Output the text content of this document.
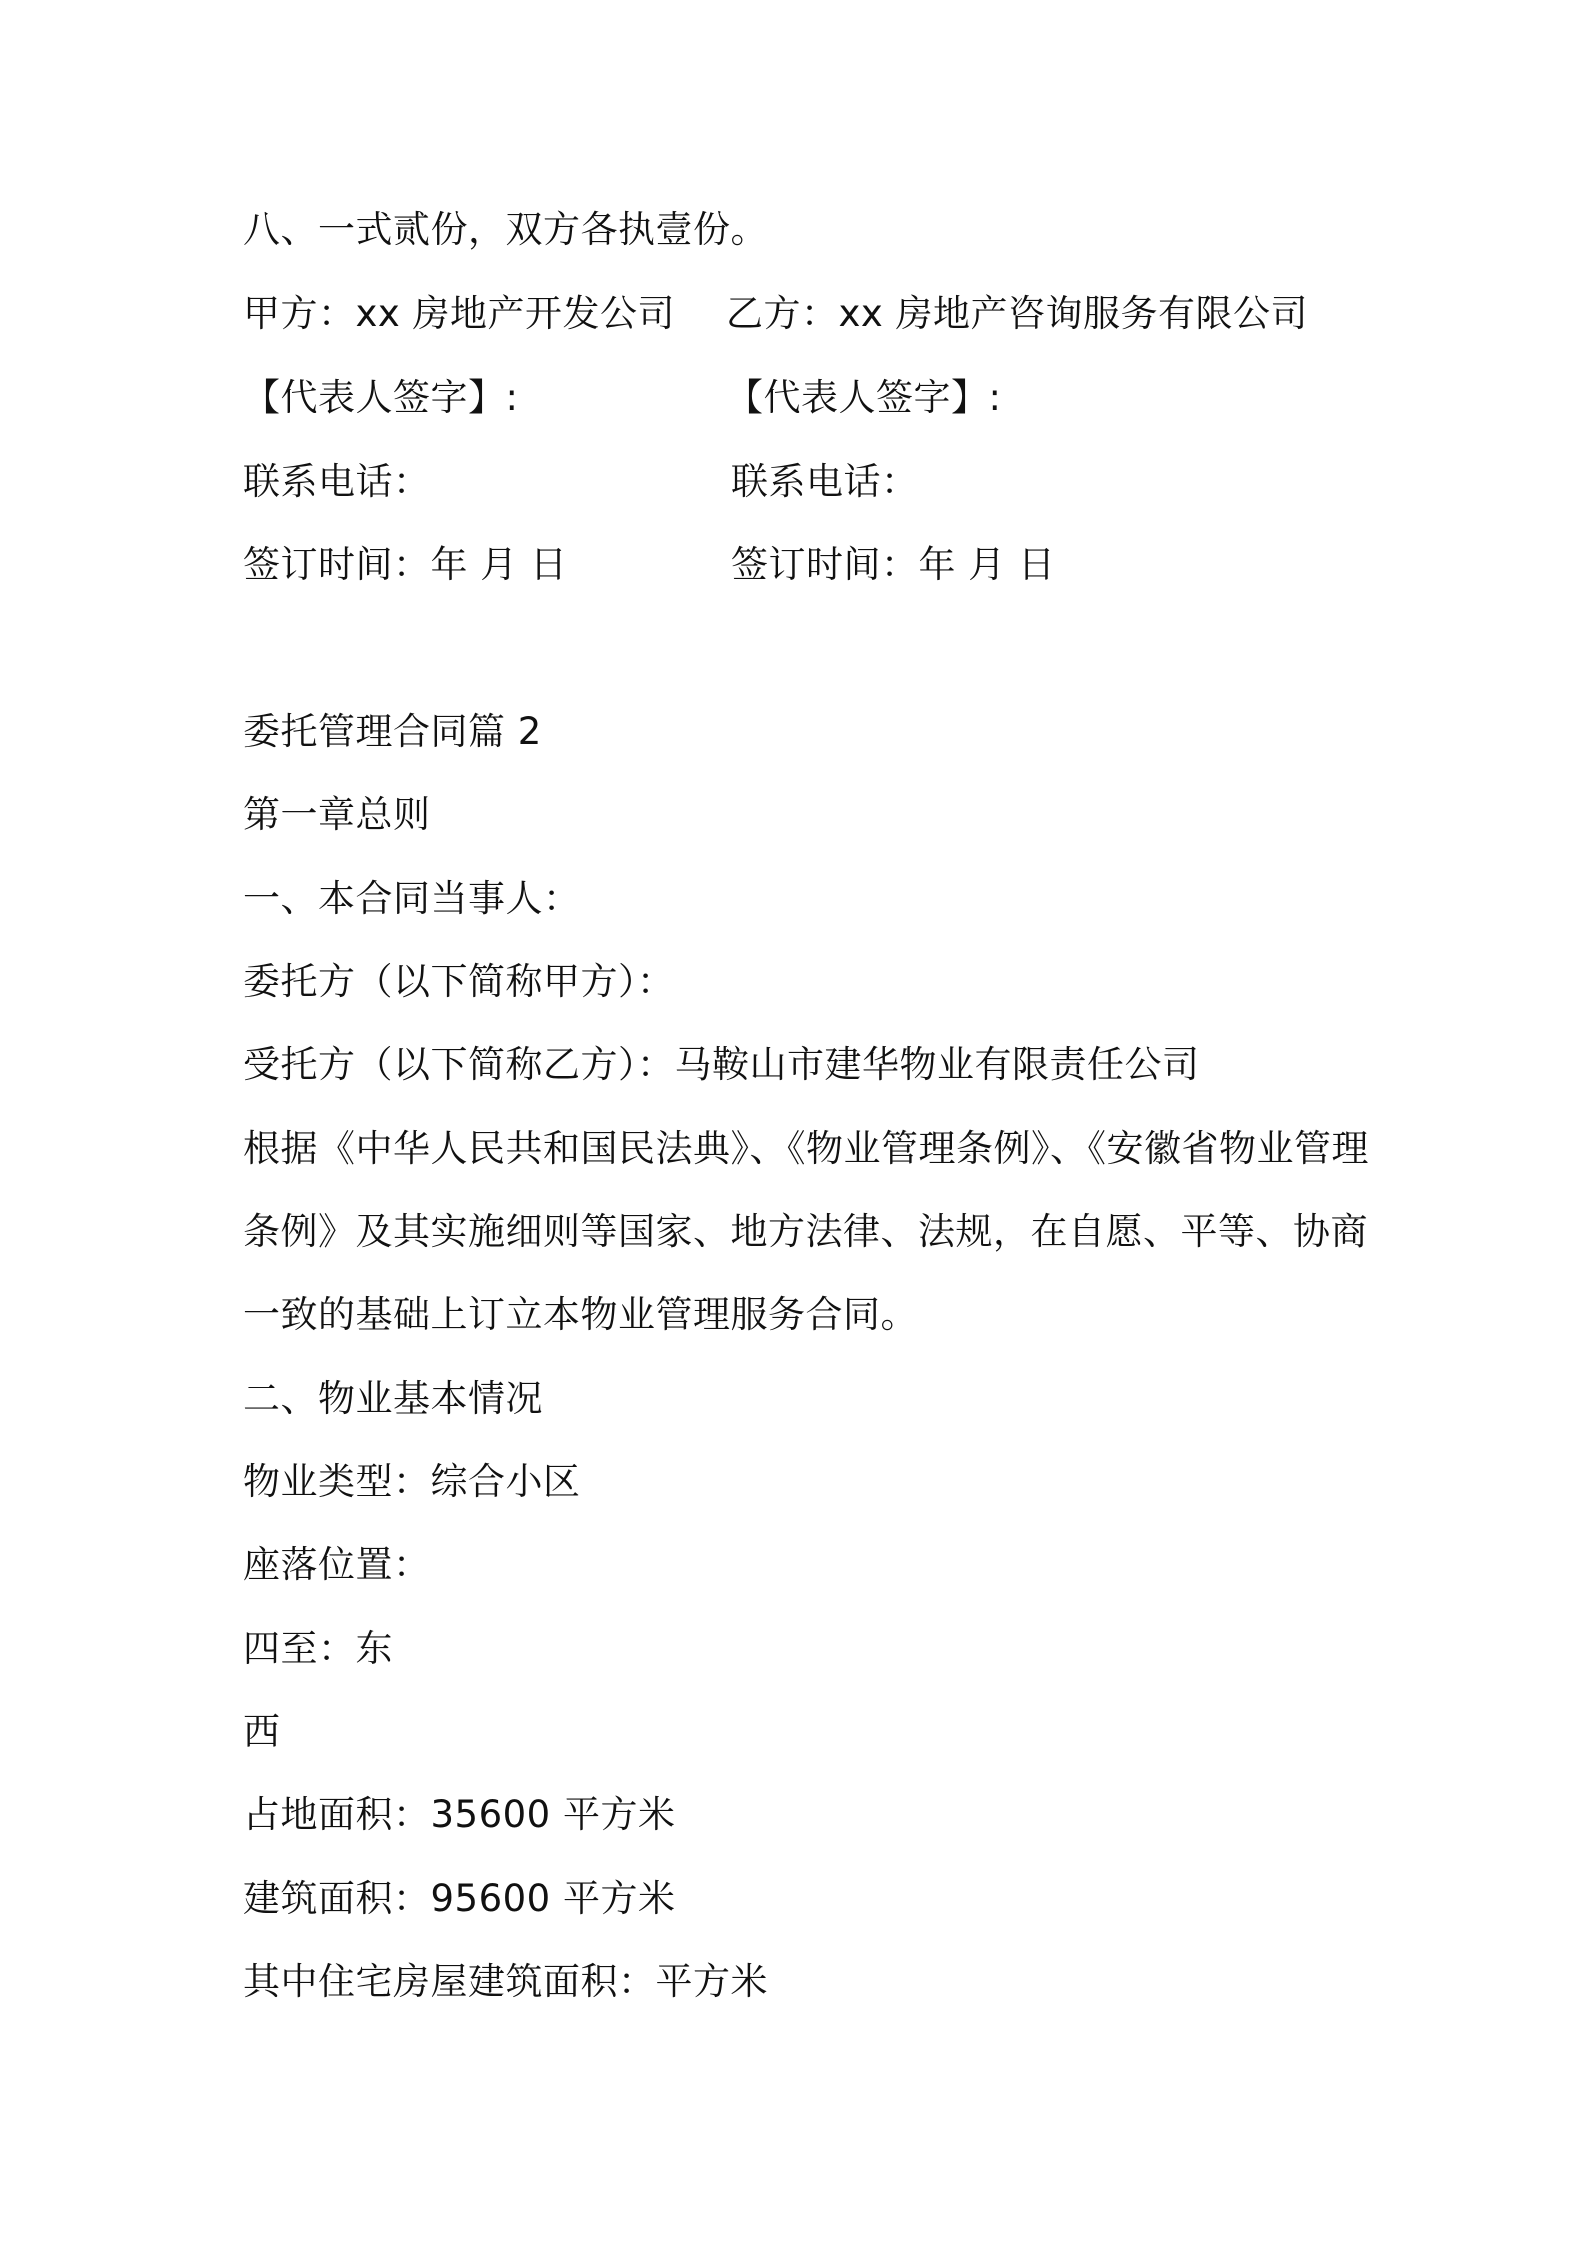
八、一式贰份，双方各执壹份。
甲方：xx 房地产开发公司 乙方：xx 房地产咨询服务有限公司
【代表人签字】:	【代表人签字】:
联系电话：	联系电话：
签订时间：年 月 日	签订时间：年 月 日
委托管理合同篇 2
第一章总则
一、本合同当事人：
委托方（以下简称甲方）：
受托方（以下简称乙方）：马鞍山市建华物业有限责任公司
根据《中华人民共和国民法典》、《物业管理条例》、《安徽省物业管理
条例》及其实施细则等国家、地方法律、法规，在自愿、平等、协商
一致的基础上订立本物业管理服务合同。
二、物业基本情况
物业类型：综合小区
座落位置：
四至：东
西
占地面积：35600 平方米
建筑面积：95600 平方米
其中住宅房屋建筑面积：平方米
